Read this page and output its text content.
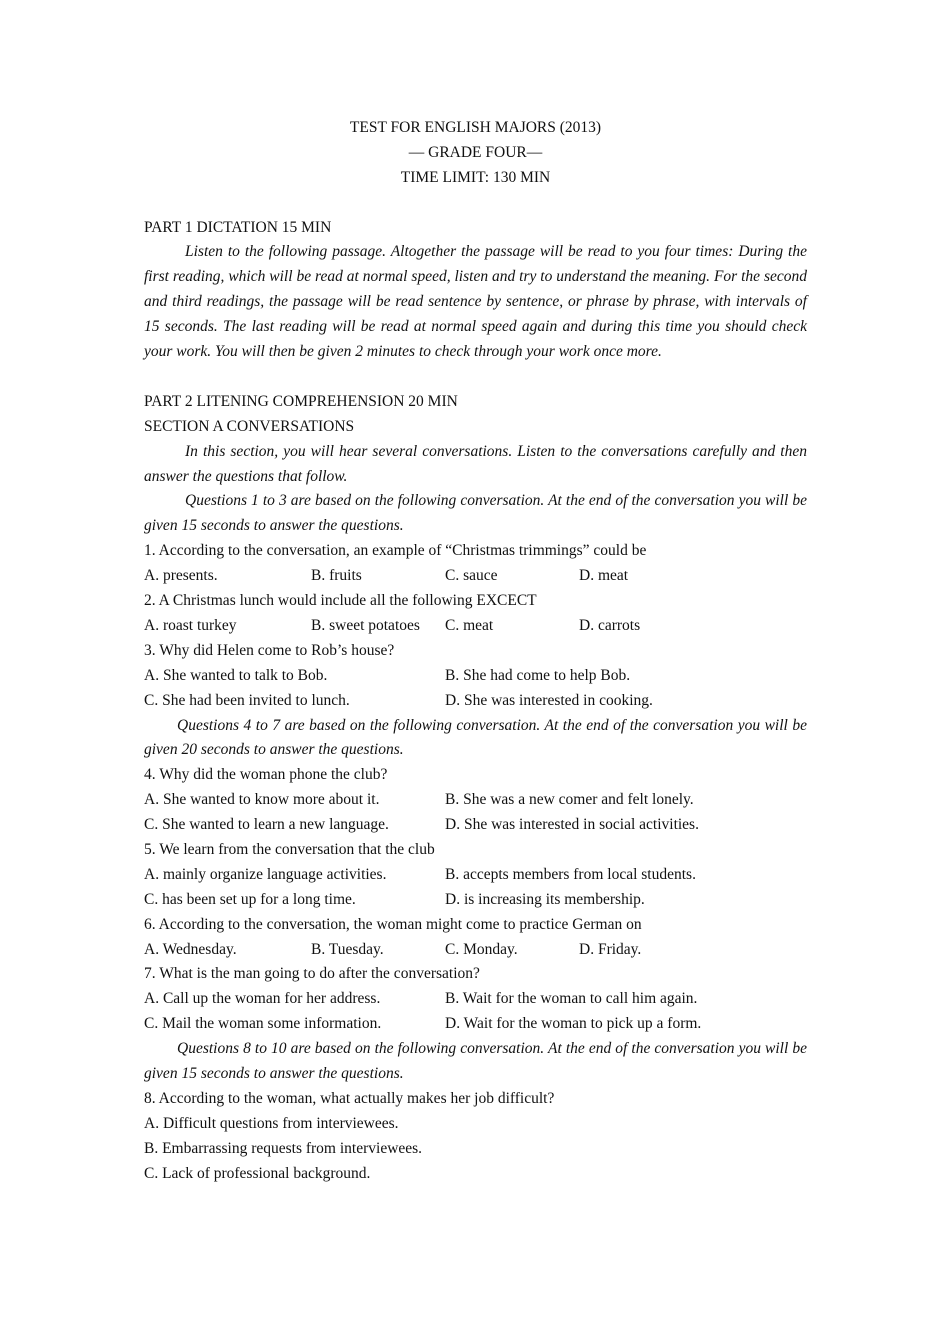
TEST FOR ENGLISH MAJORS (2013)
— GRADE FOUR—
TIME LIMIT: 130 MIN
PART 1 DICTATION 15 MIN
Listen to the following passage. Altogether the passage will be read to you four times: During the first reading, which will be read at normal speed, listen and try to understand the meaning. For the second and third readings, the passage will be read sentence by sentence, or phrase by phrase, with intervals of 15 seconds. The last reading will be read at normal speed again and during this time you should check your work. You will then be given 2 minutes to check through your work once more.
PART 2 LITENING COMPREHENSION 20 MIN
SECTION A CONVERSATIONS
In this section, you will hear several conversations. Listen to the conversations carefully and then answer the questions that follow.
Questions 1 to 3 are based on the following conversation. At the end of the conversation you will be given 15 seconds to answer the questions.
1. According to the conversation, an example of “Christmas trimmings” could be
A. presents.	B. fruits	C. sauce	D. meat
2. A Christmas lunch would include all the following EXCECT
A. roast turkey	B. sweet potatoes	C. meat	D. carrots
3. Why did Helen come to Rob’s house?
A. She wanted to talk to Bob.	B. She had come to help Bob.
C. She had been invited to lunch.	D. She was interested in cooking.
Questions 4 to 7 are based on the following conversation. At the end of the conversation you will be given 20 seconds to answer the questions.
4. Why did the woman phone the club?
A. She wanted to know more about it.	B. She was a new comer and felt lonely.
C. She wanted to learn a new language.	D. She was interested in social activities.
5. We learn from the conversation that the club
A. mainly organize language activities.	B. accepts members from local students.
C. has been set up for a long time.	D. is increasing its membership.
6. According to the conversation, the woman might come to practice German on
A. Wednesday.	B. Tuesday.	C. Monday.	D. Friday.
7. What is the man going to do after the conversation?
A. Call up the woman for her address.	B. Wait for the woman to call him again.
C. Mail the woman some information.	D. Wait for the woman to pick up a form.
Questions 8 to 10 are based on the following conversation. At the end of the conversation you will be given 15 seconds to answer the questions.
8. According to the woman, what actually makes her job difficult?
A. Difficult questions from interviewees.
B. Embarrassing requests from interviewees.
C. Lack of professional background.
